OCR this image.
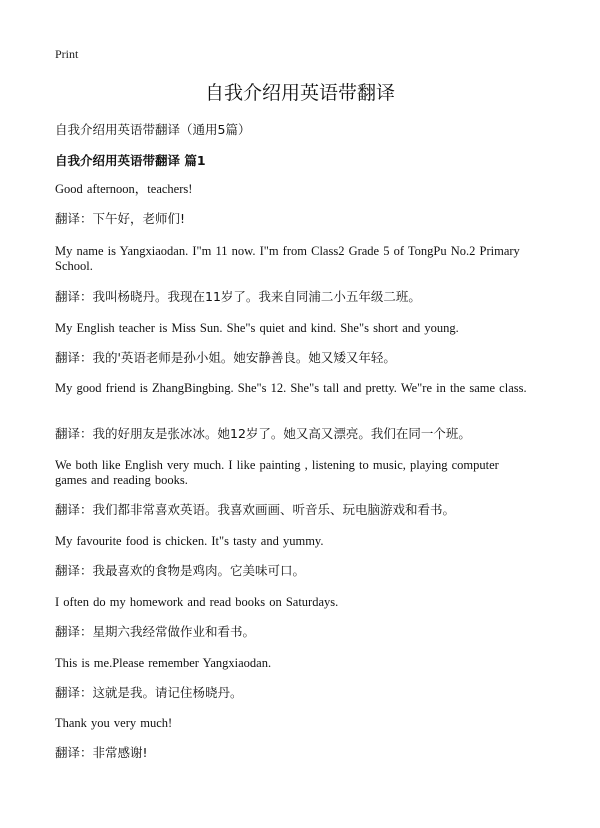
Print
自我介绍用英语带翻译
自我介绍用英语带翻译（通用5篇）
自我介绍用英语带翻译 篇1

Good afternoon，teachers!

翻译：下午好，老师们!

My name is Yangxiaodan. I"m 11 now. I"m from Class2 Grade 5 of TongPu No.2 Primary School.

翻译：我叫杨晓丹。我现在11岁了。我来自同浦二小五年级二班。

My English teacher is Miss Sun. She"s quiet and kind. She"s short and young.

翻译：我的'英语老师是孙小姐。她安静善良。她又矮又年轻。

My good friend is ZhangBingbing. She"s 12. She"s tall and pretty. We"re in the same class.

翻译：我的好朋友是张冰冰。她12岁了。她又高又漂亮。我们在同一个班。

We both like English very much. I like painting , listening to music, playing computer games and reading books.

翻译：我们都非常喜欢英语。我喜欢画画、听音乐、玩电脑游戏和看书。

My favourite food is chicken. It"s tasty and yummy.

翻译：我最喜欢的食物是鸡肉。它美味可口。

I often do my homework and read books on Saturdays.

翻译：星期六我经常做作业和看书。

This is me.Please remember Yangxiaodan.

翻译：这就是我。请记住杨晓丹。

Thank you very much!

翻译：非常感谢!
